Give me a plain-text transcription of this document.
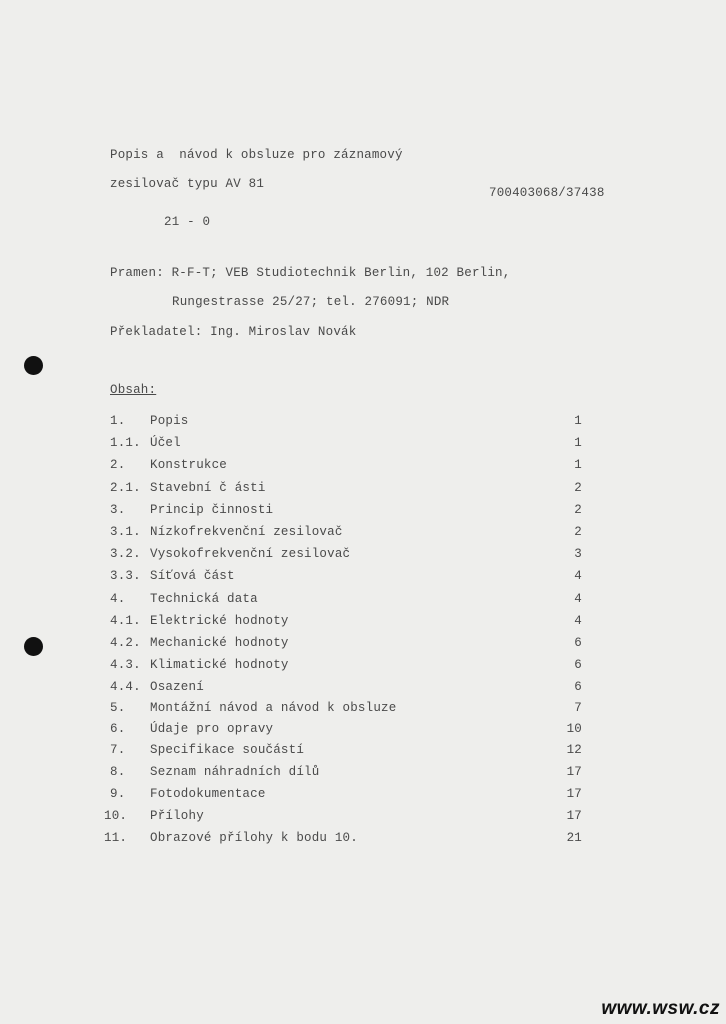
Popis a  návod k obsluze pro záznamový
zesilovač typu AV 81
700403068/37438
21 - 0
Pramen: R-F-T; VEB Studiotechnik Berlin, 102 Berlin,
Rungestrasse 25/27; tel. 276091; NDR
Překladatel: Ing. Miroslav Novák
Obsah:
1. Popis	1
1.1. Účel	1
2. Konstrukce	1
2.1. Stavební č ásti	2
3. Princip činnosti	2
3.1. Nízkofrekvenční zesilovač	2
3.2. Vysokofrekvenční zesilovač	3
3.3. Síťová část	4
4. Technická data	4
4.1. Elektrické hodnoty	4
4.2. Mechanické hodnoty	6
4.3. Klimatické hodnoty	6
4.4. Osazení	6
5. Montážní návod a návod k obsluze	7
6. Údaje pro opravy	10
7. Specifikace součástí	12
8. Seznam náhradních dílů	17
9. Fotodokumentace	17
10. Přílohy	17
11. Obrazové přílohy k bodu 10.	21
www.wsw.cz
